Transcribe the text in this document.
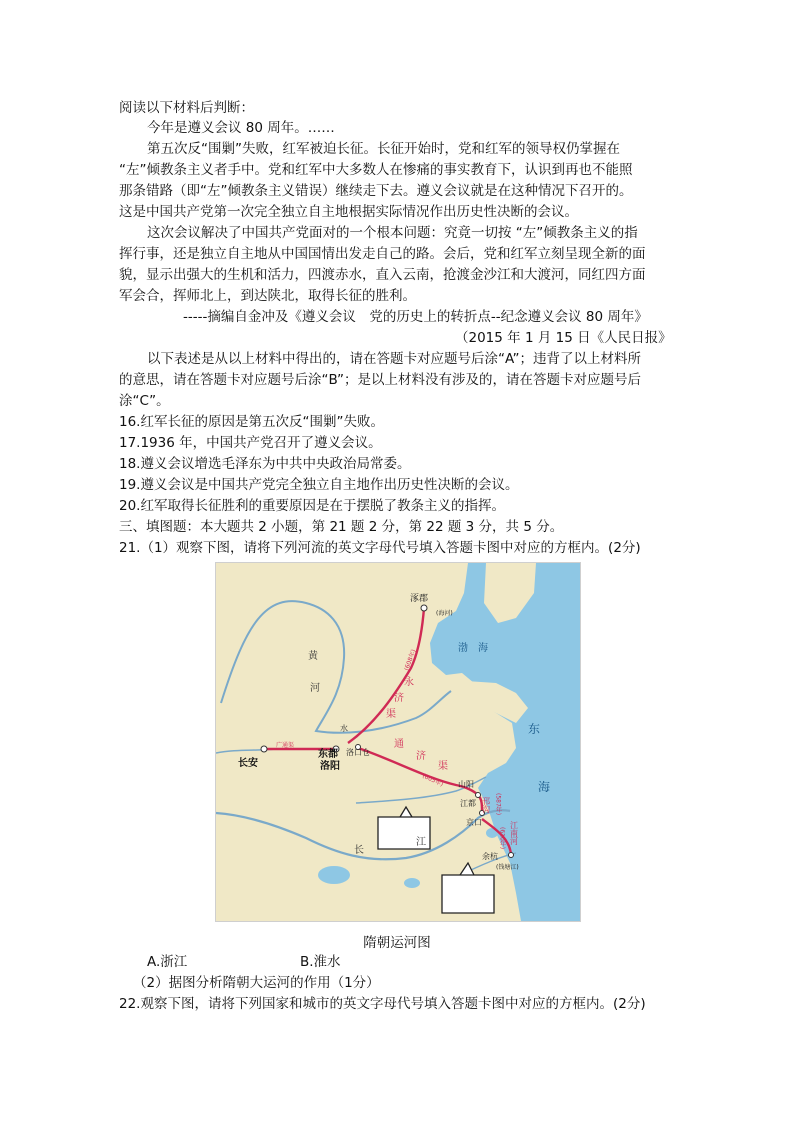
阅读以下材料后判断：
今年是遵义会议 80 周年。……
第五次反“围剿”失败，红军被迫长征。长征开始时，党和红军的领导权仍掌握在
“左”倾教条主义者手中。党和红军中大多数人在惨痛的事实教育下，认识到再也不能照
那条错路（即“左”倾教条主义错误）继续走下去。遵义会议就是在这种情况下召开的。
这是中国共产党第一次完全独立自主地根据实际情况作出历史性决断的会议。
这次会议解决了中国共产党面对的一个根本问题：究竟一切按 “左”倾教条主义的指
挥行事，还是独立自主地从中国国情出发走自己的路。会后，党和红军立刻呈现全新的面
貌，显示出强大的生机和活力，四渡赤水，直入云南，抢渡金沙江和大渡河，同红四方面
军会合，挥师北上，到达陕北，取得长征的胜利。
-----摘编自金冲及《遵义会议　党的历史上的转折点--纪念遵义会议 80 周年》
（2015 年 1 月 15 日《人民日报》
以下表述是从以上材料中得出的，请在答题卡对应题号后涂“A”；违背了以上材料所
的意思，请在答题卡对应题号后涂“B”；是以上材料没有涉及的，请在答题卡对应题号后
涂“C”。
16.红军长征的原因是第五次反“围剿”失败。
17.1936 年，中国共产党召开了遵义会议。
18.遵义会议增选毛泽东为中共中央政治局常委。
19.遵义会议是中国共产党完全独立自主地作出历史性决断的会议。
20.红军取得长征胜利的重要原因是在于摆脱了教条主义的指挥。
三、填图题：本大题共 2 小题，第 21 题 2 分，第 22 题 3 分，共 5 分。
21.（1）观察下图，请将下列河流的英文字母代号填入答题卡图中对应的方框内。(2分)
涿郡
(海河)
渤　海
东
海
黄
河
水
永
济
渠
(608年)
通
济
渠
(605年)
广通渠
长安
东都
洛阳
洛口仓
山阳
邗沟 (587年)
江都
京口	江南河
(610年)
余杭
(钱塘江)
长
江
隋朝运河图
A.浙江	B.淮水
（2）据图分析隋朝大运河的作用（1分）
22.观察下图，请将下列国家和城市的英文字母代号填入答题卡图中对应的方框内。(2分)
